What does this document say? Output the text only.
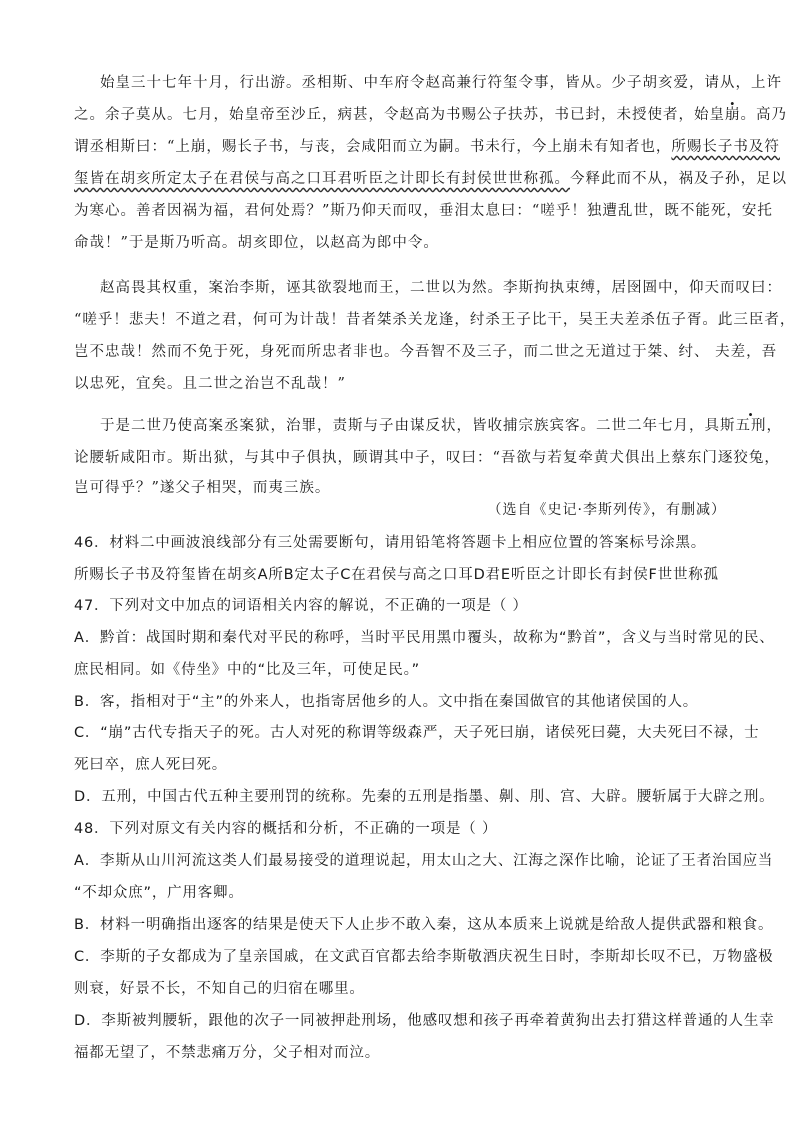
始皇三十七年十月，行出游。丞相斯、中车府令赵高兼行符玺令事，皆从。少子胡亥爱，请从，上许
之。余子莫从。七月，始皇帝至沙丘，病甚，令赵高为书赐公子扶苏，书已封，未授使者，始皇崩。高乃
谓丞相斯曰：“上崩，赐长子书，与丧，会咸阳而立为嗣。书未行，今上崩未有知者也，所赐长子书及符
玺皆在胡亥所定太子在君侯与高之口耳君听臣之计即长有封侯世世称孤。今释此而不从，祸及子孙，足以
为寒心。善者因祸为福，君何处焉？”斯乃仰天而叹，垂泪太息曰：“嗟乎！独遭乱世，既不能死，安托
命哉！”于是斯乃听高。胡亥即位，以赵高为郎中令。
赵高畏其权重，案治李斯，诬其欲裂地而王，二世以为然。李斯拘执束缚，居囹圄中，仰天而叹曰：
“嗟乎！悲夫！不道之君，何可为计哉！昔者桀杀关龙逢，纣杀王子比干，吴王夫差杀伍子胥。此三臣者，
岂不忠哉！然而不免于死，身死而所忠者非也。今吾智不及三子，而二世之无道过于桀、纣、 夫差，吾
以忠死，宜矣。且二世之治岂不乱哉！”
于是二世乃使高案丞案狱，治罪，责斯与子由谋反状，皆收捕宗族宾客。二世二年七月，具斯五刑，
论腰斩咸阳市。斯出狱，与其中子俱执，顾谓其中子，叹曰：“吾欲与若复牵黄犬俱出上蔡东门逐狡兔，
岂可得乎？”遂父子相哭，而夷三族。
（选自《史记·李斯列传》，有删减）
46．材料二中画波浪线部分有三处需要断句，请用铅笔将答题卡上相应位置的答案标号涂黑。
所赐长子书及符玺皆在胡亥A所B定太子C在君侯与高之口耳D君E听臣之计即长有封侯F世世称孤
47．下列对文中加点的词语相关内容的解说，不正确的一项是（ ）
A．黔首：战国时期和秦代对平民的称呼，当时平民用黑巾覆头，故称为“黔首”，含义与当时常见的民、
庶民相同。如《侍坐》中的“比及三年，可使足民。”
B．客，指相对于“主”的外来人，也指寄居他乡的人。文中指在秦国做官的其他诸侯国的人。
C．“崩”古代专指天子的死。古人对死的称谓等级森严，天子死曰崩，诸侯死曰薨，大夫死曰不禄，士
死曰卒，庶人死曰死。
D．五刑，中国古代五种主要刑罚的统称。先秦的五刑是指墨、劓、刖、宫、大辟。腰斩属于大辟之刑。
48．下列对原文有关内容的概括和分析，不正确的一项是（ ）
A．李斯从山川河流这类人们最易接受的道理说起，用太山之大、江海之深作比喻，论证了王者治国应当
“不却众庶”，广用客卿。
B．材料一明确指出逐客的结果是使天下人止步不敢入秦，这从本质来上说就是给敌人提供武器和粮食。
C．李斯的子女都成为了皇亲国戚，在文武百官都去给李斯敬酒庆祝生日时，李斯却长叹不已，万物盛极
则衰，好景不长，不知自己的归宿在哪里。
D．李斯被判腰斩，跟他的次子一同被押赴刑场，他感叹想和孩子再牵着黄狗出去打猎这样普通的人生幸
福都无望了，不禁悲痛万分，父子相对而泣。
